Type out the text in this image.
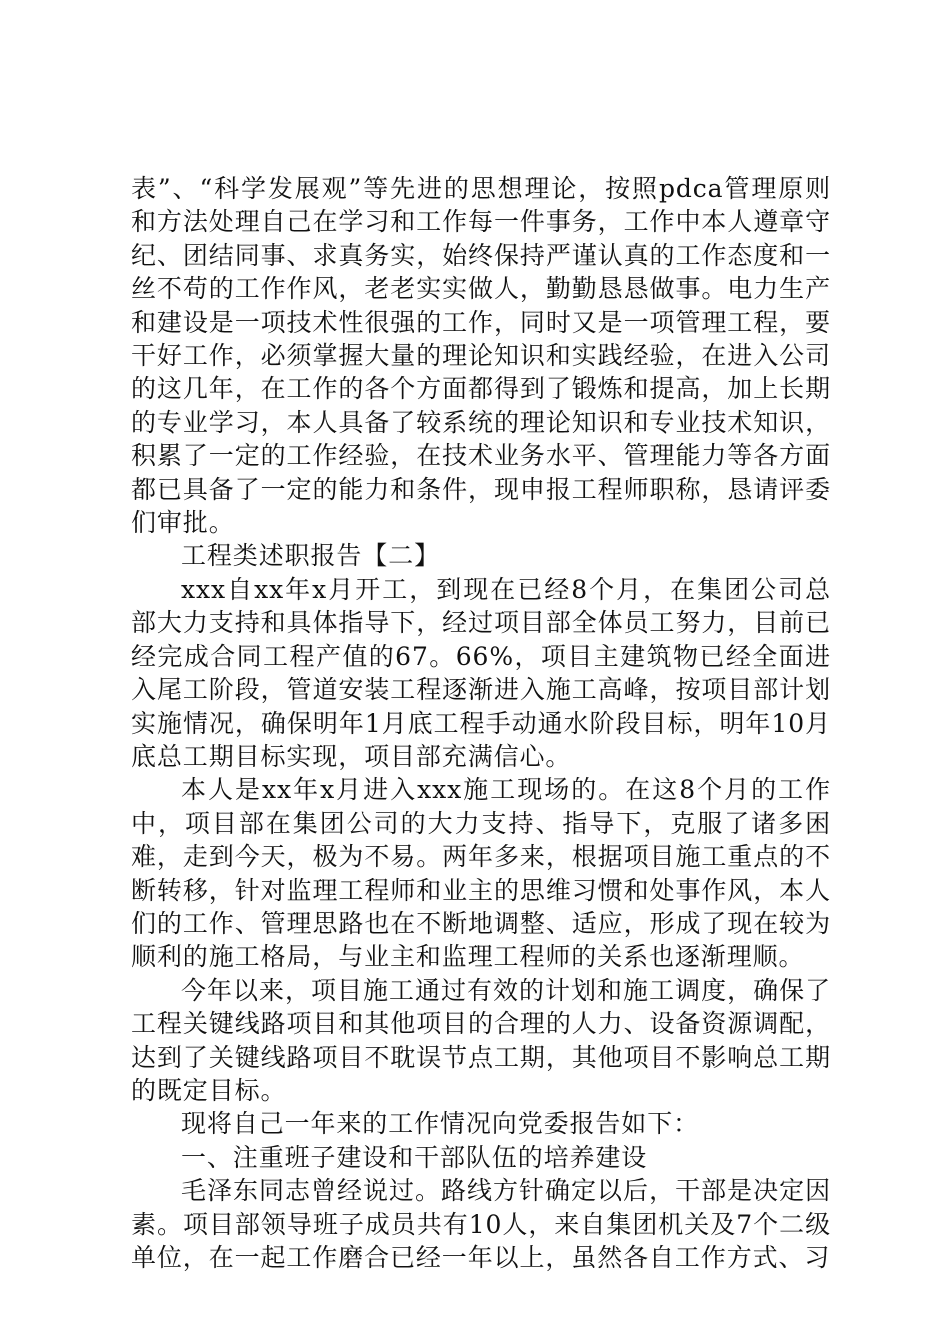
表”、“科学发展观”等先进的思想理论，按照pdca管理原则和方法处理自己在学习和工作每一件事务，工作中本人遵章守纪、团结同事、求真务实，始终保持严谨认真的工作态度和一丝不苟的工作作风，老老实实做人，勤勤恳恳做事。电力生产和建设是一项技术性很强的工作，同时又是一项管理工程，要干好工作，必须掌握大量的理论知识和实践经验，在进入公司的这几年，在工作的各个方面都得到了锻炼和提高，加上长期的专业学习，本人具备了较系统的理论知识和专业技术知识，积累了一定的工作经验，在技术业务水平、管理能力等各方面都已具备了一定的能力和条件，现申报工程师职称，恳请评委们审批。

工程类述职报告【二】

xxx自xx年x月开工，到现在已经8个月，在集团公司总部大力支持和具体指导下，经过项目部全体员工努力，目前已经完成合同工程产值的67。66%，项目主建筑物已经全面进入尾工阶段，管道安装工程逐渐进入施工高峰，按项目部计划实施情况，确保明年1月底工程手动通水阶段目标，明年10月底总工期目标实现，项目部充满信心。

本人是xx年x月进入xxx施工现场的。在这8个月的工作中，项目部在集团公司的大力支持、指导下，克服了诸多困难，走到今天，极为不易。两年多来，根据项目施工重点的不断转移，针对监理工程师和业主的思维习惯和处事作风，本人们的工作、管理思路也在不断地调整、适应，形成了现在较为顺利的施工格局，与业主和监理工程师的关系也逐渐理顺。

今年以来，项目施工通过有效的计划和施工调度，确保了工程关键线路项目和其他项目的合理的人力、设备资源调配，达到了关键线路项目不耽误节点工期，其他项目不影响总工期的既定目标。

现将自己一年来的工作情况向党委报告如下：

一、注重班子建设和干部队伍的培养建设

毛泽东同志曾经说过。路线方针确定以后，干部是决定因素。项目部领导班子成员共有10人，来自集团机关及7个二级单位，在一起工作磨合已经一年以上，虽然各自工作方式、习
